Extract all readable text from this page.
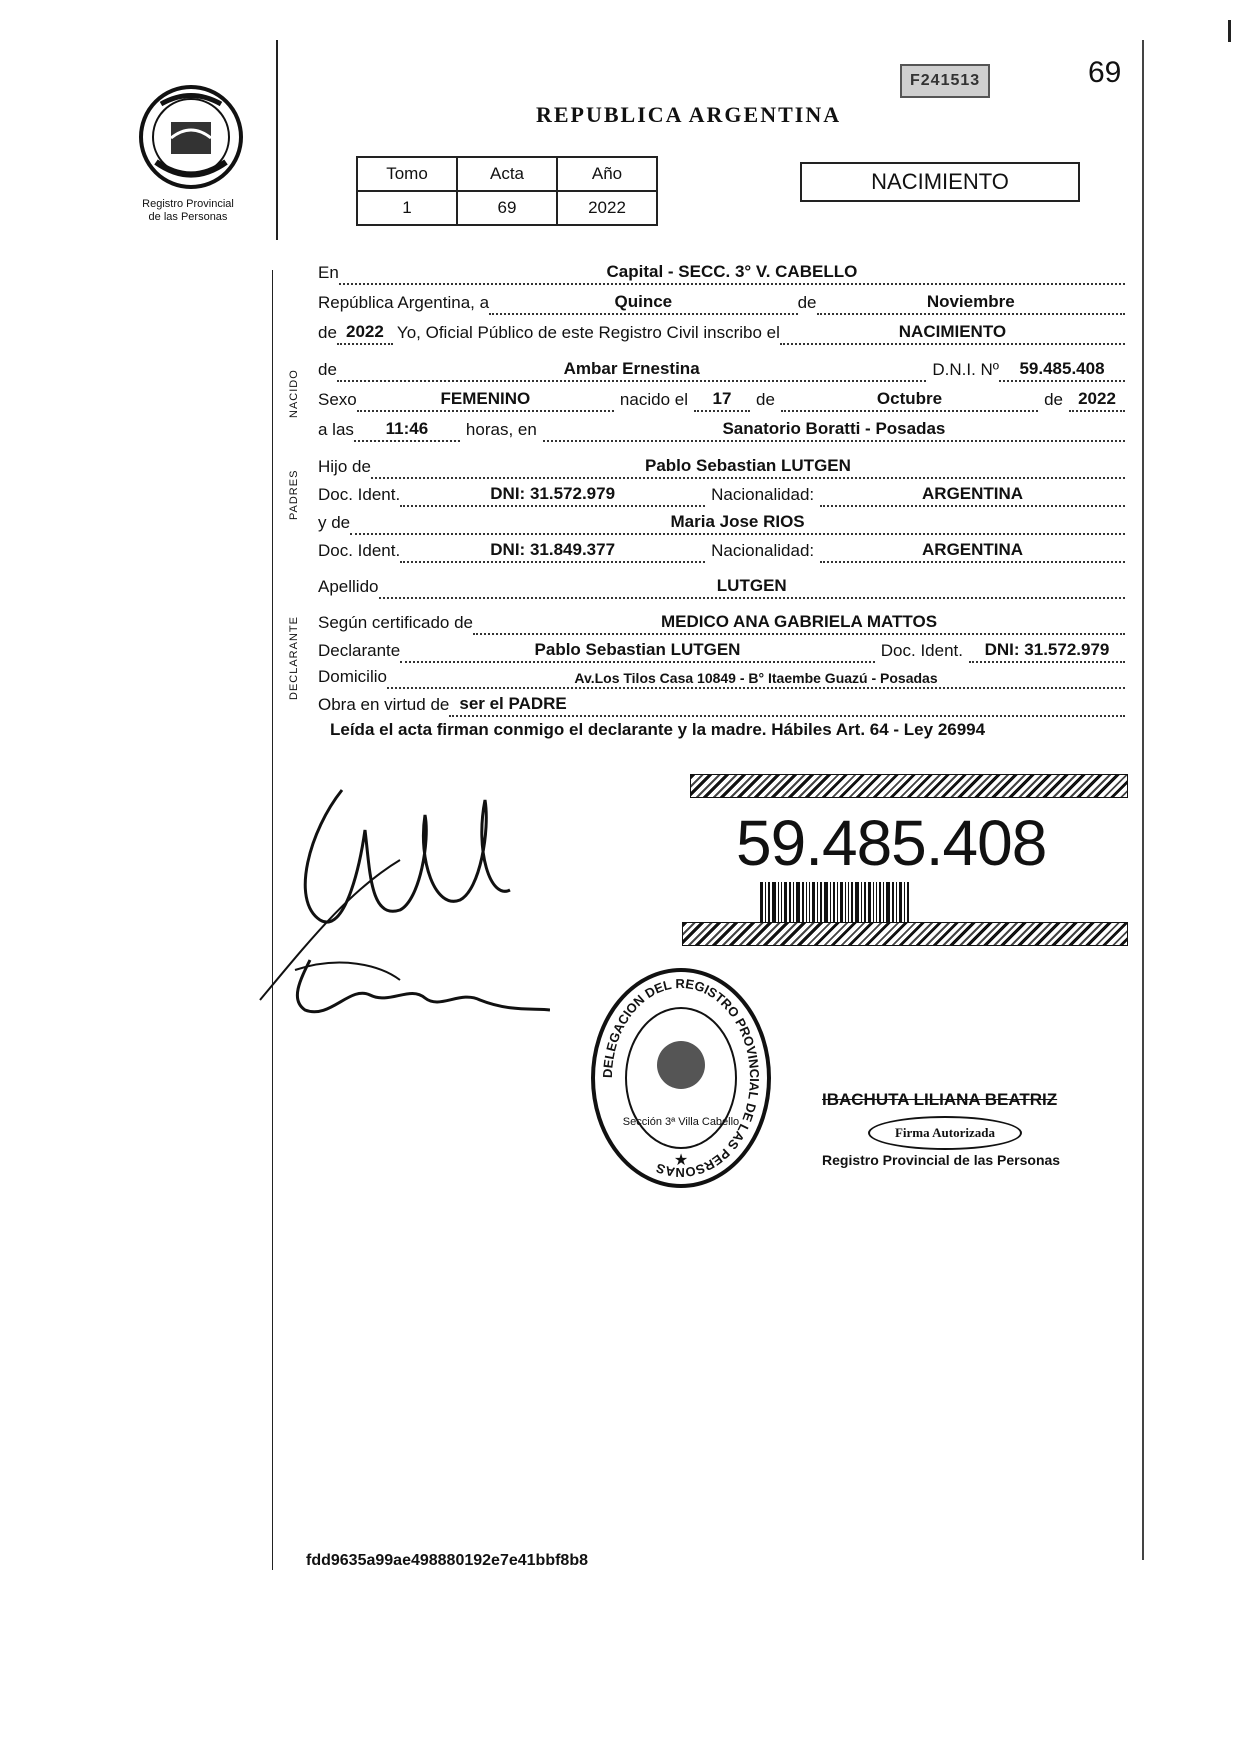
69
F241513
Registro Provincial
de las Personas
REPUBLICA ARGENTINA
Tomo	Acta	Año
1	69	2022
NACIMIENTO
NACIDO
PADRES
DECLARANTE
En	Capital - SECC. 3° V. CABELLO
República Argentina, a	Quince	de	Noviembre
de 2022 Yo, Oficial Público de este Registro Civil inscribo el	NACIMIENTO
de	Ambar Ernestina	D.N.I. Nº	59.485.408
Sexo	FEMENINO	nacido el	17	de	Octubre	de 2022
a las	11:46	horas, en	Sanatorio Boratti - Posadas
Hijo de	Pablo Sebastian LUTGEN
Doc. Ident.	DNI: 31.572.979	Nacionalidad:	ARGENTINA
y de	Maria Jose RIOS
Doc. Ident.	DNI: 31.849.377	Nacionalidad:	ARGENTINA
Apellido	LUTGEN
Según certificado de	MEDICO ANA GABRIELA MATTOS
Declarante	Pablo Sebastian LUTGEN	Doc. Ident.	DNI: 31.572.979
Domicilio	Av.Los Tilos Casa 10849 - B° Itaembe Guazú - Posadas
Obra en virtud de ser el PADRE
Leída el acta firman conmigo el declarante y la madre. Hábiles Art. 64 - Ley 26994
59.485.408
DELEGACION DEL REGISTRO PROVINCIAL DE LAS PERSONAS
Sección 3ª Villa Cabello
★
IBACHUTA LILIANA BEATRIZ
Firma Autorizada
Registro Provincial de las Personas
fdd9635a99ae498880192e7e41bbf8b8
